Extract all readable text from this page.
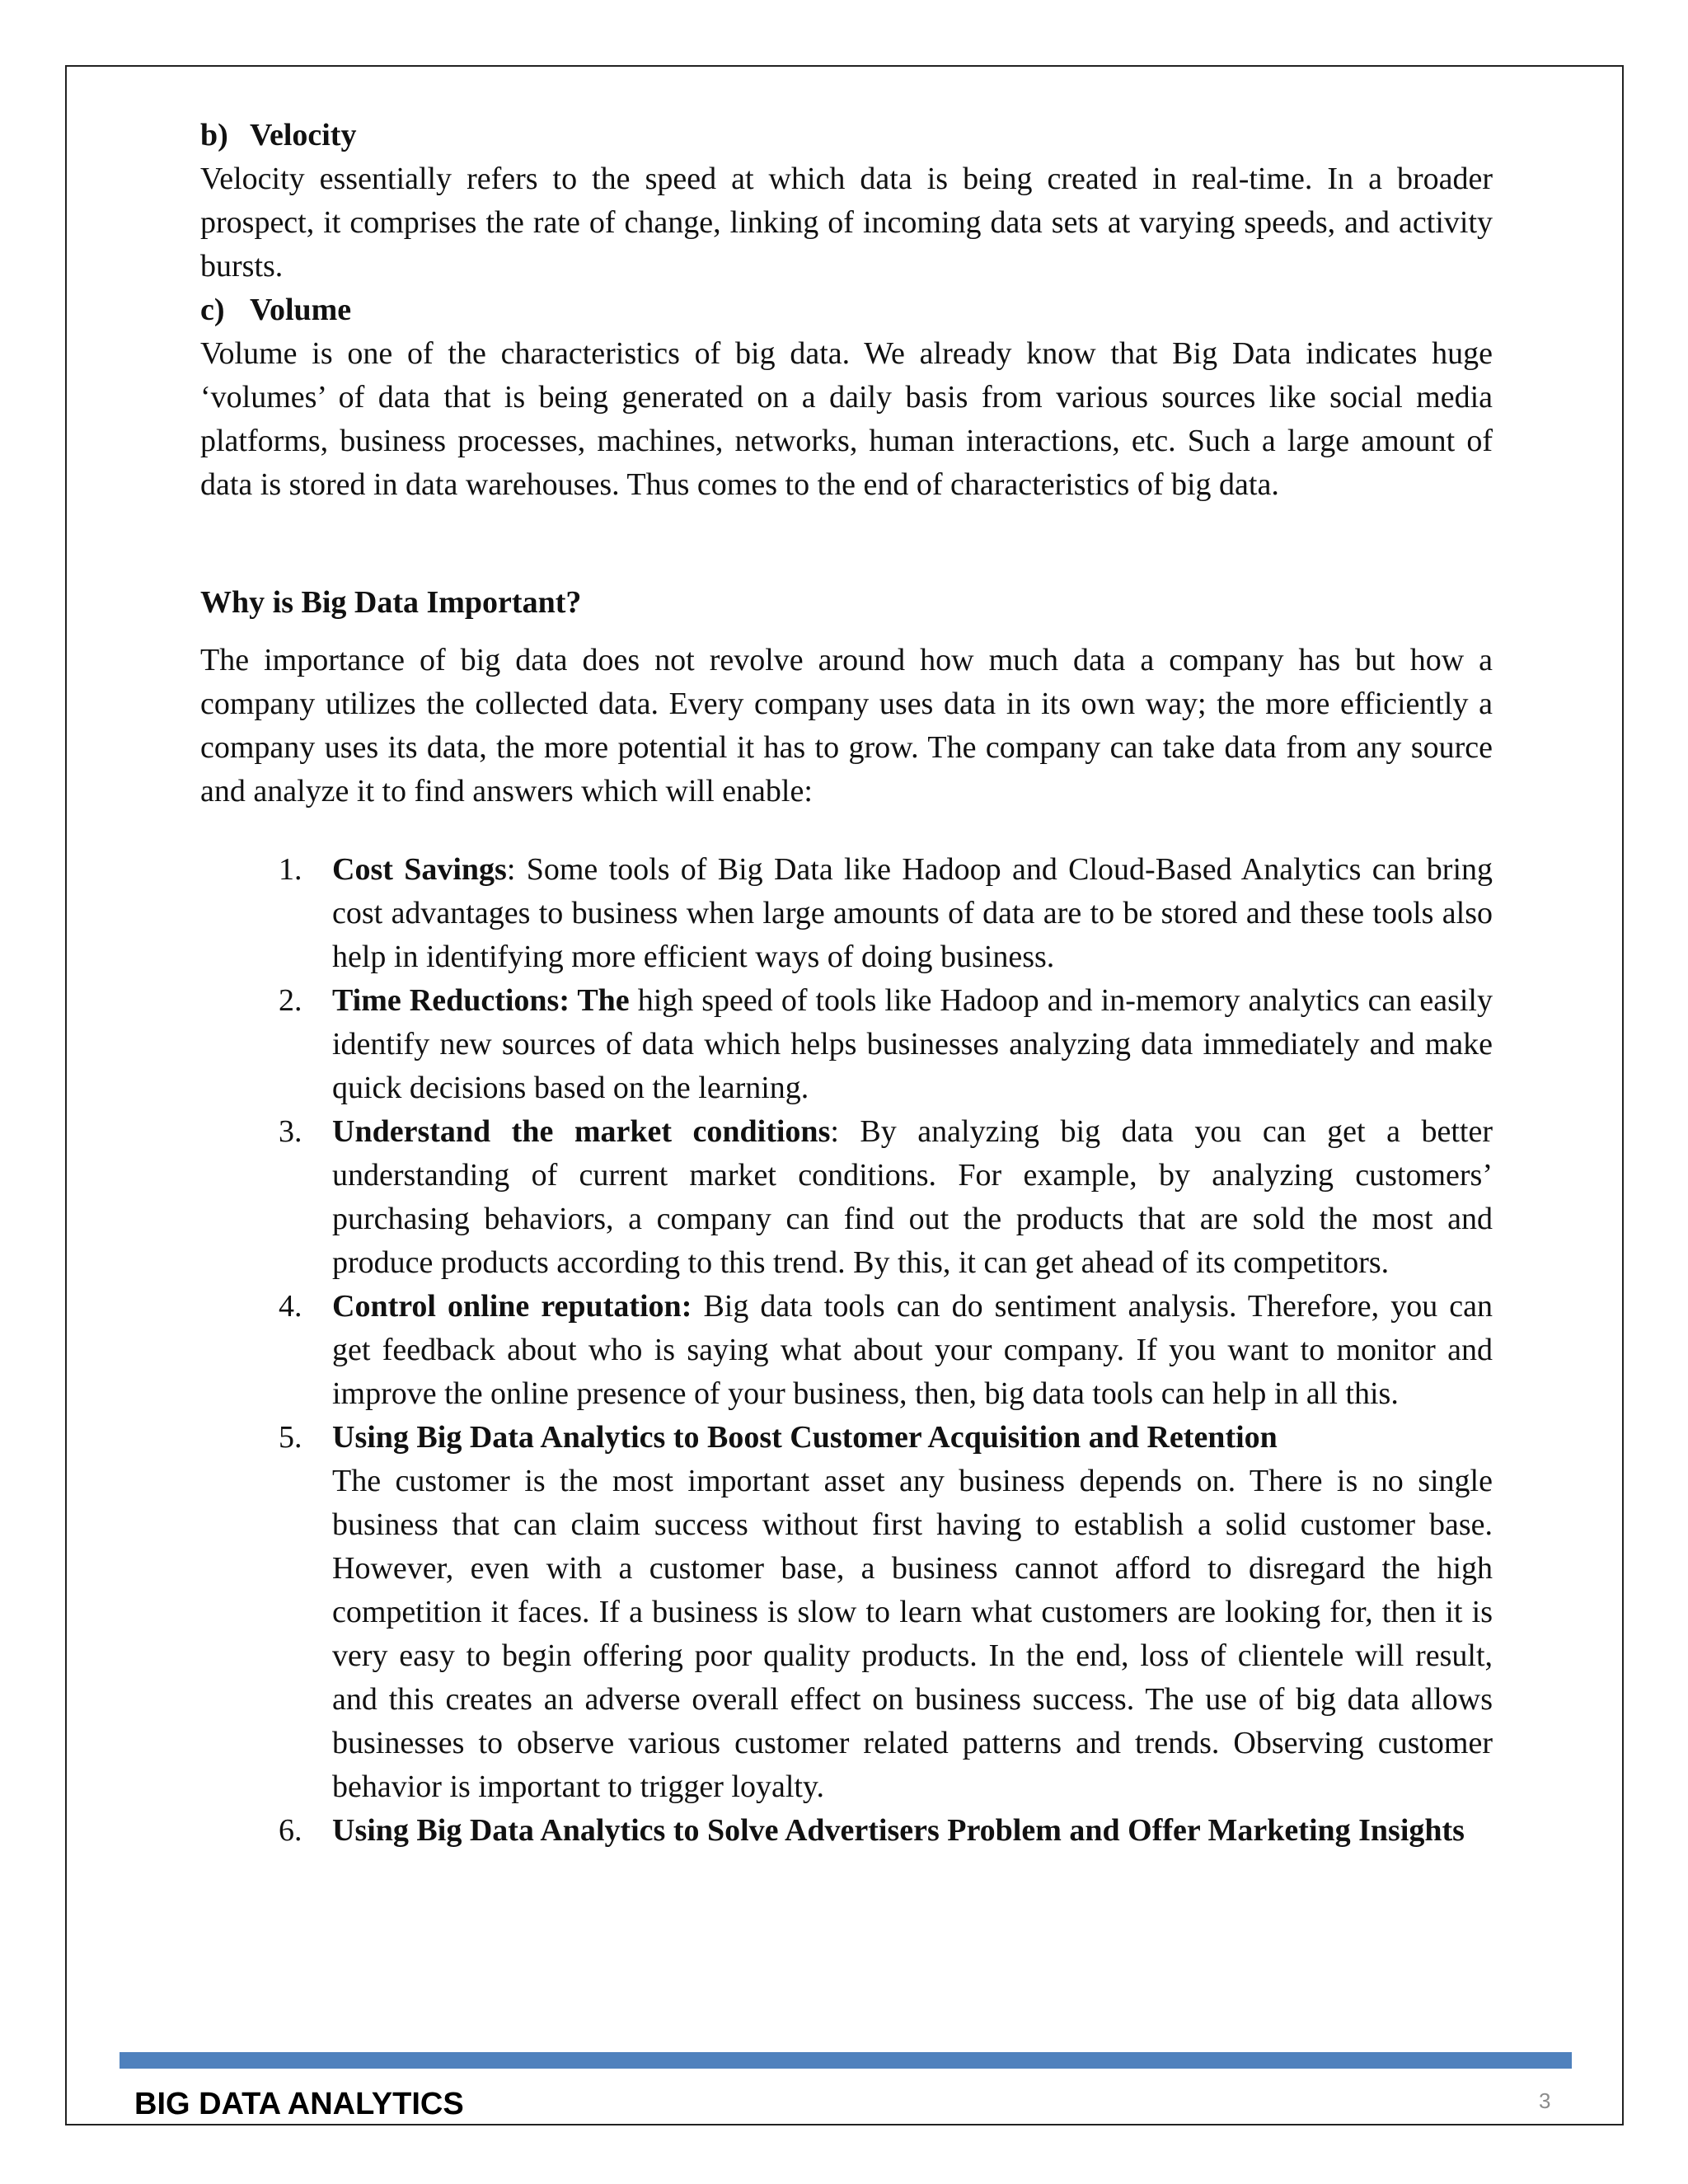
b) Velocity

Velocity essentially refers to the speed at which data is being created in real-time. In a broader prospect, it comprises the rate of change, linking of incoming data sets at varying speeds, and activity bursts.

c) Volume

Volume is one of the characteristics of big data. We already know that Big Data indicates huge ‘volumes’ of data that is being generated on a daily basis from various sources like social media platforms, business processes, machines, networks, human interactions, etc. Such a large amount of data is stored in data warehouses. Thus comes to the end of characteristics of big data.

Why is Big Data Important?

The importance of big data does not revolve around how much data a company has but how a company utilizes the collected data. Every company uses data in its own way; the more efficiently a company uses its data, the more potential it has to grow. The company can take data from any source and analyze it to find answers which will enable:

1. Cost Savings: Some tools of Big Data like Hadoop and Cloud-Based Analytics can bring cost advantages to business when large amounts of data are to be stored and these tools also help in identifying more efficient ways of doing business.
2. Time Reductions: The high speed of tools like Hadoop and in-memory analytics can easily identify new sources of data which helps businesses analyzing data immediately and make quick decisions based on the learning.
3. Understand the market conditions: By analyzing big data you can get a better understanding of current market conditions. For example, by analyzing customers’ purchasing behaviors, a company can find out the products that are sold the most and produce products according to this trend. By this, it can get ahead of its competitors.
4. Control online reputation: Big data tools can do sentiment analysis. Therefore, you can get feedback about who is saying what about your company. If you want to monitor and improve the online presence of your business, then, big data tools can help in all this.
5. Using Big Data Analytics to Boost Customer Acquisition and Retention
The customer is the most important asset any business depends on. There is no single business that can claim success without first having to establish a solid customer base. However, even with a customer base, a business cannot afford to disregard the high competition it faces. If a business is slow to learn what customers are looking for, then it is very easy to begin offering poor quality products. In the end, loss of clientele will result, and this creates an adverse overall effect on business success. The use of big data allows businesses to observe various customer related patterns and trends. Observing customer behavior is important to trigger loyalty.
6. Using Big Data Analytics to Solve Advertisers Problem and Offer Marketing Insights
BIG DATA ANALYTICS	3
